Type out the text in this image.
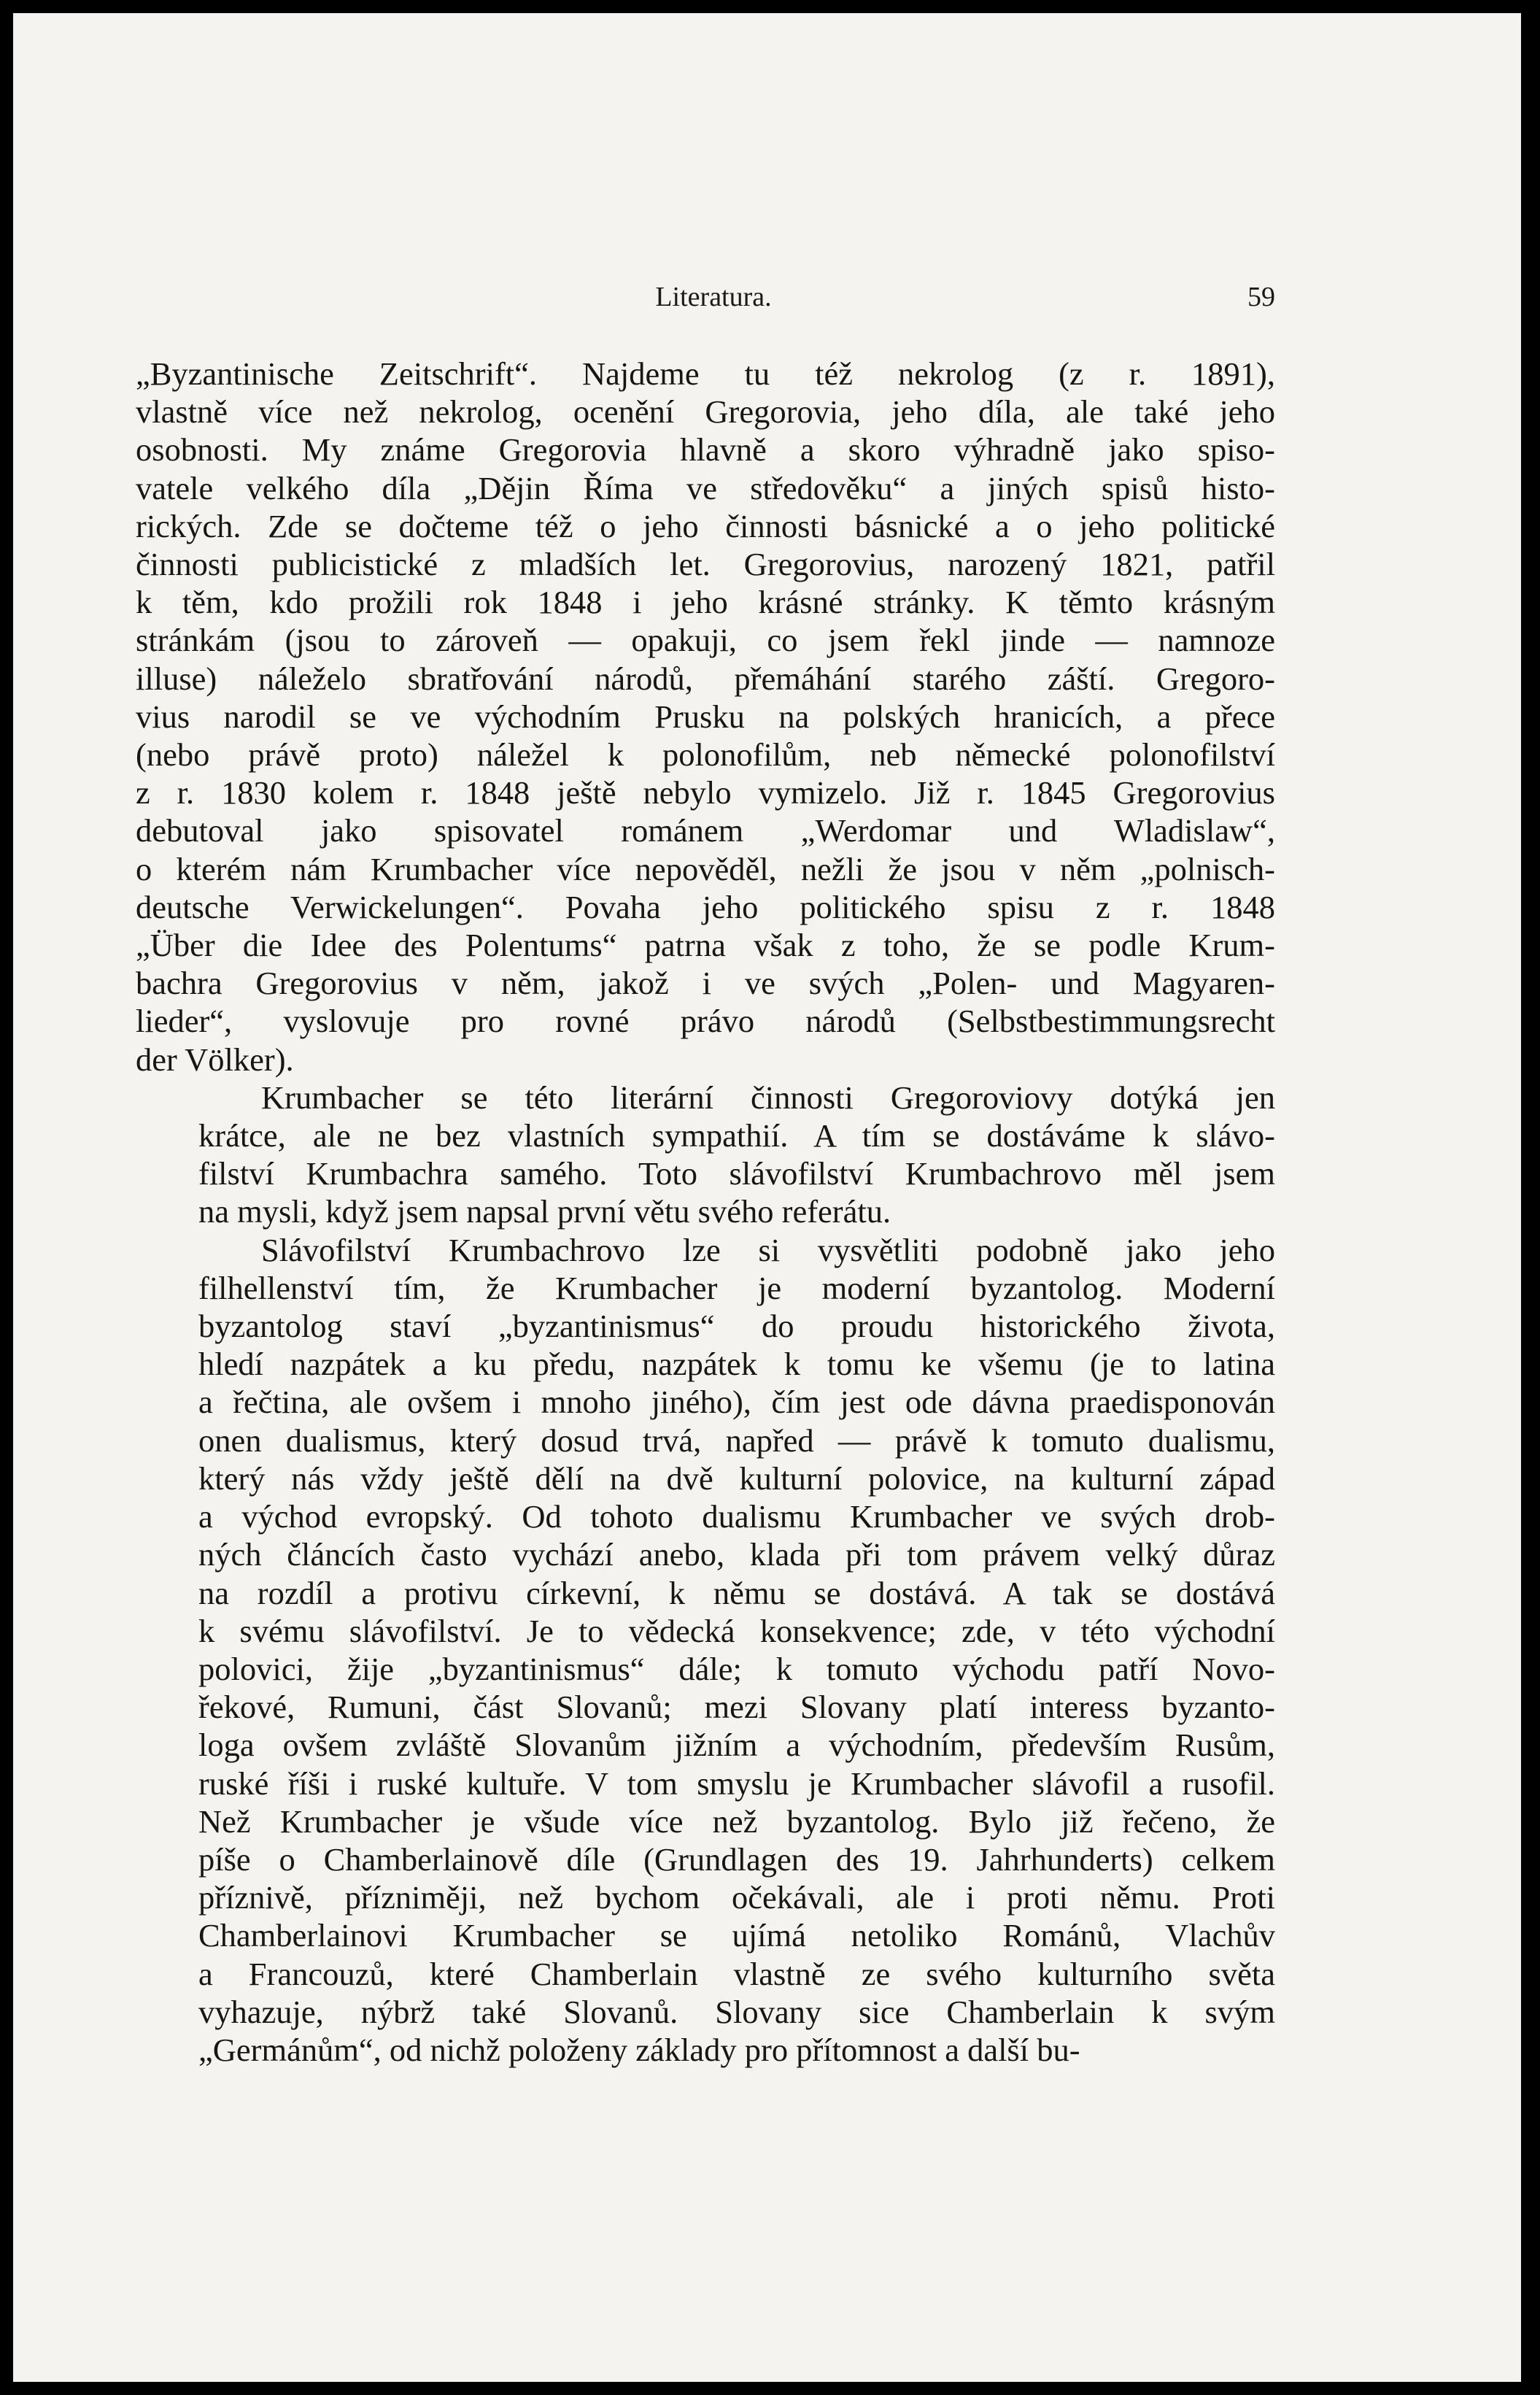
Literatura.	59

„Byzantinische Zeitschrift“. Najdeme tu též nekrolog (z r. 1891),
vlastně více než nekrolog, ocenění Gregorovia, jeho díla, ale také jeho
osobnosti. My známe Gregorovia hlavně a skoro výhradně jako spiso-
vatele velkého díla „Dějin Říma ve středověku“ a jiných spisů histo-
rických. Zde se dočteme též o jeho činnosti básnické a o jeho politické
činnosti publicistické z mladších let. Gregorovius, narozený 1821, patřil
k těm, kdo prožili rok 1848 i jeho krásné stránky. K těmto krásným
stránkám (jsou to zároveň — opakuji, co jsem řekl jinde — namnoze
illuse) náleželo sbratřování národů, přemáhání starého záští. Gregoro-
vius narodil se ve východním Prusku na polských hranicích, a přece
(nebo právě proto) náležel k polonofilům, neb německé polonofilství
z r. 1830 kolem r. 1848 ještě nebylo vymizelo. Již r. 1845 Gregorovius
debutoval jako spisovatel románem „Werdomar und Wladislaw“,
o kterém nám Krumbacher více nepověděl, nežli že jsou v něm „polnisch-
deutsche Verwickelungen“. Povaha jeho politického spisu z r. 1848
„Über die Idee des Polentums“ patrna však z toho, že se podle Krum-
bachra Gregorovius v něm, jakož i ve svých „Polen- und Magyaren-
lieder“, vyslovuje pro rovné právo národů (Selbstbestimmungsrecht
der Völker).

Krumbacher se této literární činnosti Gregoroviovy dotýká jen
krátce, ale ne bez vlastních sympathií. A tím se dostáváme k slávo-
filství Krumbachra samého. Toto slávofilství Krumbachrovo měl jsem
na mysli, když jsem napsal první větu svého referátu.

Slávofilství Krumbachrovo lze si vysvětliti podobně jako jeho
filhellenství tím, že Krumbacher je moderní byzantolog. Moderní
byzantolog staví „byzantinismus“ do proudu historického života,
hledí nazpátek a ku předu, nazpátek k tomu ke všemu (je to latina
a řečtina, ale ovšem i mnoho jiného), čím jest ode dávna praedisponován
onen dualismus, který dosud trvá, napřed — právě k tomuto dualismu,
který nás vždy ještě dělí na dvě kulturní polovice, na kulturní západ
a východ evropský. Od tohoto dualismu Krumbacher ve svých drob-
ných článcích často vychází anebo, klada při tom právem velký důraz
na rozdíl a protivu církevní, k němu se dostává. A tak se dostává
k svému slávofilství. Je to vědecká konsekvence; zde, v této východní
polovici, žije „byzantinismus“ dále; k tomuto východu patří Novo-
řekové, Rumuni, část Slovanů; mezi Slovany platí interess byzanto-
loga ovšem zvláště Slovanům jižním a východním, především Rusům,
ruské říši i ruské kultuře. V tom smyslu je Krumbacher slávofil a rusofil.
Než Krumbacher je všude více než byzantolog. Bylo již řečeno, že
píše o Chamberlainově díle (Grundlagen des 19. Jahrhunderts) celkem
příznivě, přízniměji, než bychom očekávali, ale i proti němu. Proti
Chamberlainovi Krumbacher se ujímá netoliko Románů, Vlachův
a Francouzů, které Chamberlain vlastně ze svého kulturního světa
vyhazuje, nýbrž také Slovanů. Slovany sice Chamberlain k svým
„Germánům“, od nichž položeny základy pro přítomnost a další bu-
